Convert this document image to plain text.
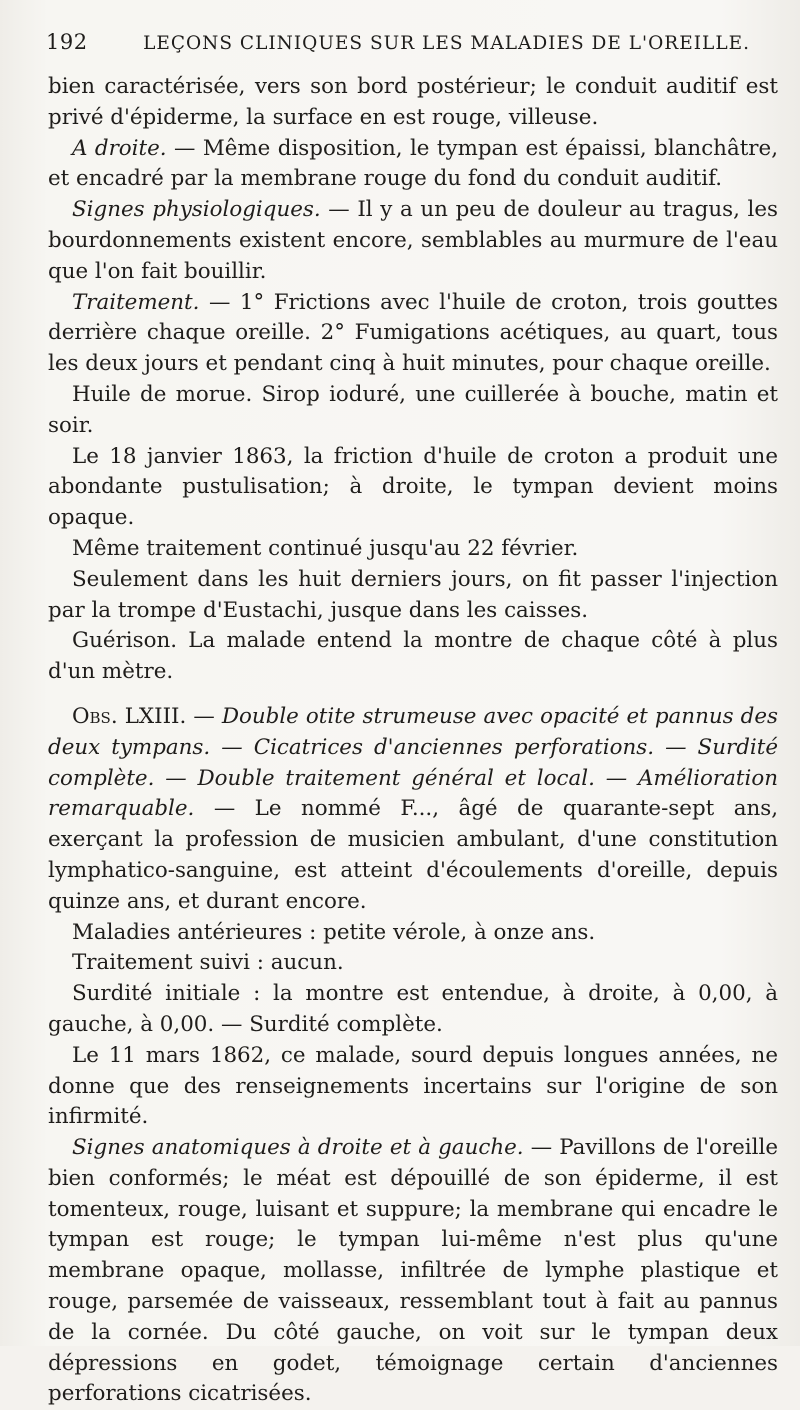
192	LEÇONS CLINIQUES SUR LES MALADIES DE L'OREILLE.

bien caractérisée, vers son bord postérieur; le conduit auditif est privé d'épiderme, la surface en est rouge, villeuse.

A droite. — Même disposition, le tympan est épaissi, blanchâtre, et encadré par la membrane rouge du fond du conduit auditif.

Signes physiologiques. — Il y a un peu de douleur au tragus, les bourdonnements existent encore, semblables au murmure de l'eau que l'on fait bouillir.

Traitement. — 1° Frictions avec l'huile de croton, trois gouttes derrière chaque oreille. 2° Fumigations acétiques, au quart, tous les deux jours et pendant cinq à huit minutes, pour chaque oreille.

Huile de morue. Sirop ioduré, une cuillerée à bouche, matin et soir.

Le 18 janvier 1863, la friction d'huile de croton a produit une abondante pustulisation; à droite, le tympan devient moins opaque.

Même traitement continué jusqu'au 22 février.

Seulement dans les huit derniers jours, on fit passer l'injection par la trompe d'Eustachi, jusque dans les caisses.

Guérison. La malade entend la montre de chaque côté à plus d'un mètre.

Obs. LXIII. — Double otite strumeuse avec opacité et pannus des deux tympans. — Cicatrices d'anciennes perforations. — Surdité complète. — Double traitement général et local. — Amélioration remarquable. — Le nommé F..., âgé de quarante-sept ans, exerçant la profession de musicien ambulant, d'une constitution lymphatico-sanguine, est atteint d'écoulements d'oreille, depuis quinze ans, et durant encore.

Maladies antérieures : petite vérole, à onze ans.

Traitement suivi : aucun.

Surdité initiale : la montre est entendue, à droite, à 0,00, à gauche, à 0,00. — Surdité complète.

Le 11 mars 1862, ce malade, sourd depuis longues années, ne donne que des renseignements incertains sur l'origine de son infirmité.

Signes anatomiques à droite et à gauche. — Pavillons de l'oreille bien conformés; le méat est dépouillé de son épiderme, il est tomenteux, rouge, luisant et suppure; la membrane qui encadre le tympan est rouge; le tympan lui-même n'est plus qu'une membrane opaque, mollasse, infiltrée de lymphe plastique et rouge, parsemée de vaisseaux, ressemblant tout à fait au pannus de la cornée. Du côté gauche, on voit sur le tympan deux dépressions en godet, témoignage certain d'anciennes perforations cicatrisées.
